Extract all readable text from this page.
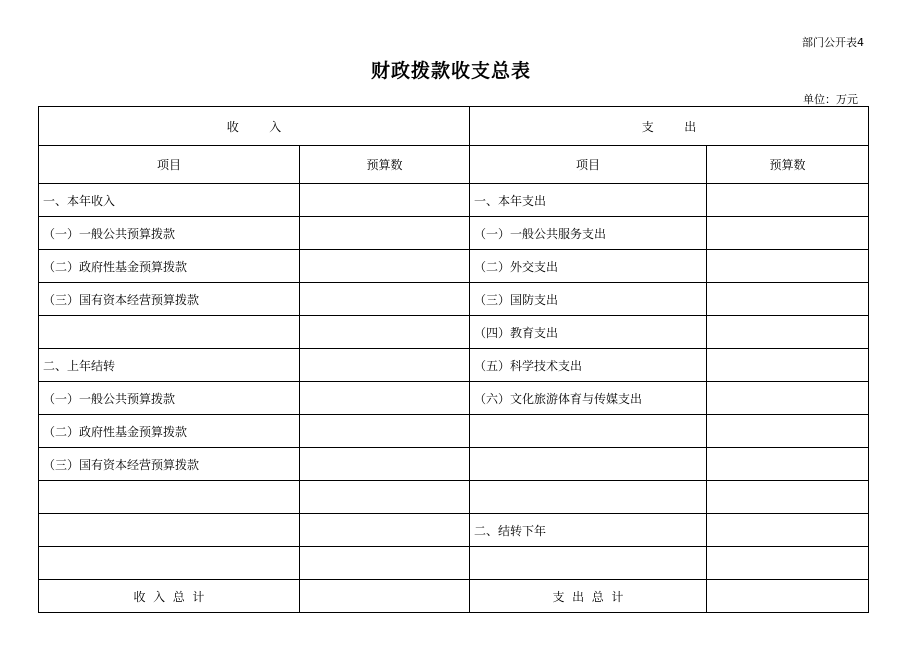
部门公开表4
财政拨款收支总表
单位：万元
收        入		支        出	
项目	预算数	项目	预算数
一、本年收入		一、本年支出	
（一）一般公共预算拨款		（一）一般公共服务支出	
（二）政府性基金预算拨款		（二）外交支出	
（三）国有资本经营预算拨款		（三）国防支出	
		（四）教育支出	
二、上年结转		（五）科学技术支出	
（一）一般公共预算拨款		（六）文化旅游体育与传媒支出	
（二）政府性基金预算拨款			
（三）国有资本经营预算拨款			

		二、结转下年	

收  入  总  计		支  出  总  计	
